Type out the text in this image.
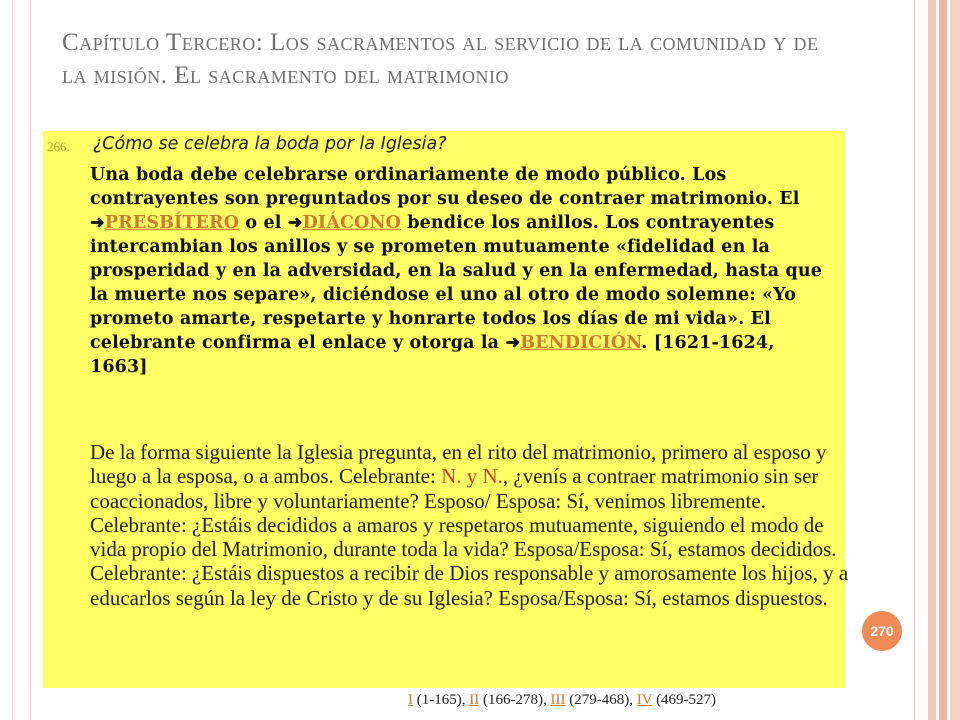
Capítulo Tercero: Los sacramentos al servicio de la comunidad y de la misión. El sacramento del matrimonio
266. ¿Cómo se celebra la boda por la Iglesia?

Una boda debe celebrarse ordinariamente de modo público. Los contrayentes son preguntados por su deseo de contraer matrimonio. El ➜PRESBÍTERO o el ➜DIÁCONO bendice los anillos. Los contrayentes intercambian los anillos y se prometen mutuamente «fidelidad en la prosperidad y en la adversidad, en la salud y en la enfermedad, hasta que la muerte nos separe», diciéndose el uno al otro de modo solemne: «Yo prometo amarte, respetarte y honrarte todos los días de mi vida». El celebrante confirma el enlace y otorga la ➜BENDICIÓN. [1621-1624, 1663]

De la forma siguiente la Iglesia pregunta, en el rito del matrimonio, primero al esposo y luego a la esposa, o a ambos. Celebrante: N. y N., ¿venís a contraer matrimonio sin ser coaccionados, libre y voluntariamente? Esposo/ Esposa: Sí, venimos libremente. Celebrante: ¿Estáis decididos a amaros y respetaros mutuamente, siguiendo el modo de vida propio del Matrimonio, durante toda la vida? Esposa/Esposa: Sí, estamos decididos. Celebrante: ¿Estáis dispuestos a recibir de Dios responsable y amorosamente los hijos, y a educarlos según la ley de Cristo y de su Iglesia? Esposa/Esposa: Sí, estamos dispuestos.

270
I (1-165), II (166-278), III (279-468), IV (469-527)
